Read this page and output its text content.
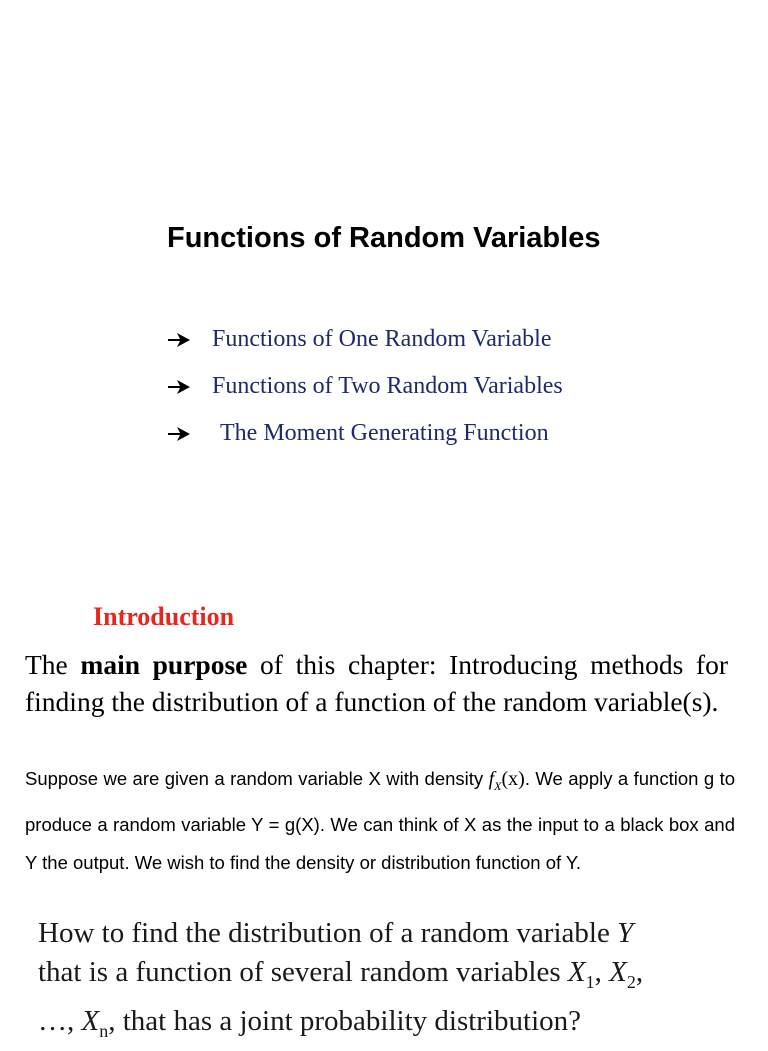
Functions of Random Variables
Functions of One Random Variable
Functions of Two Random Variables
The Moment Generating Function
Introduction
The main purpose of this chapter: Introducing methods for finding the distribution of a function of the random variable(s).
Suppose we are given a random variable X with density $f_X(x)$. We apply a function g to produce a random variable Y = g(X). We can think of X as the input to a black box and Y the output. We wish to find the density or distribution function of Y.
How to find the distribution of a random variable Y
that is a function of several random variables $X_1$, $X_2$,
…, $X_n$, that has a joint probability distribution?
